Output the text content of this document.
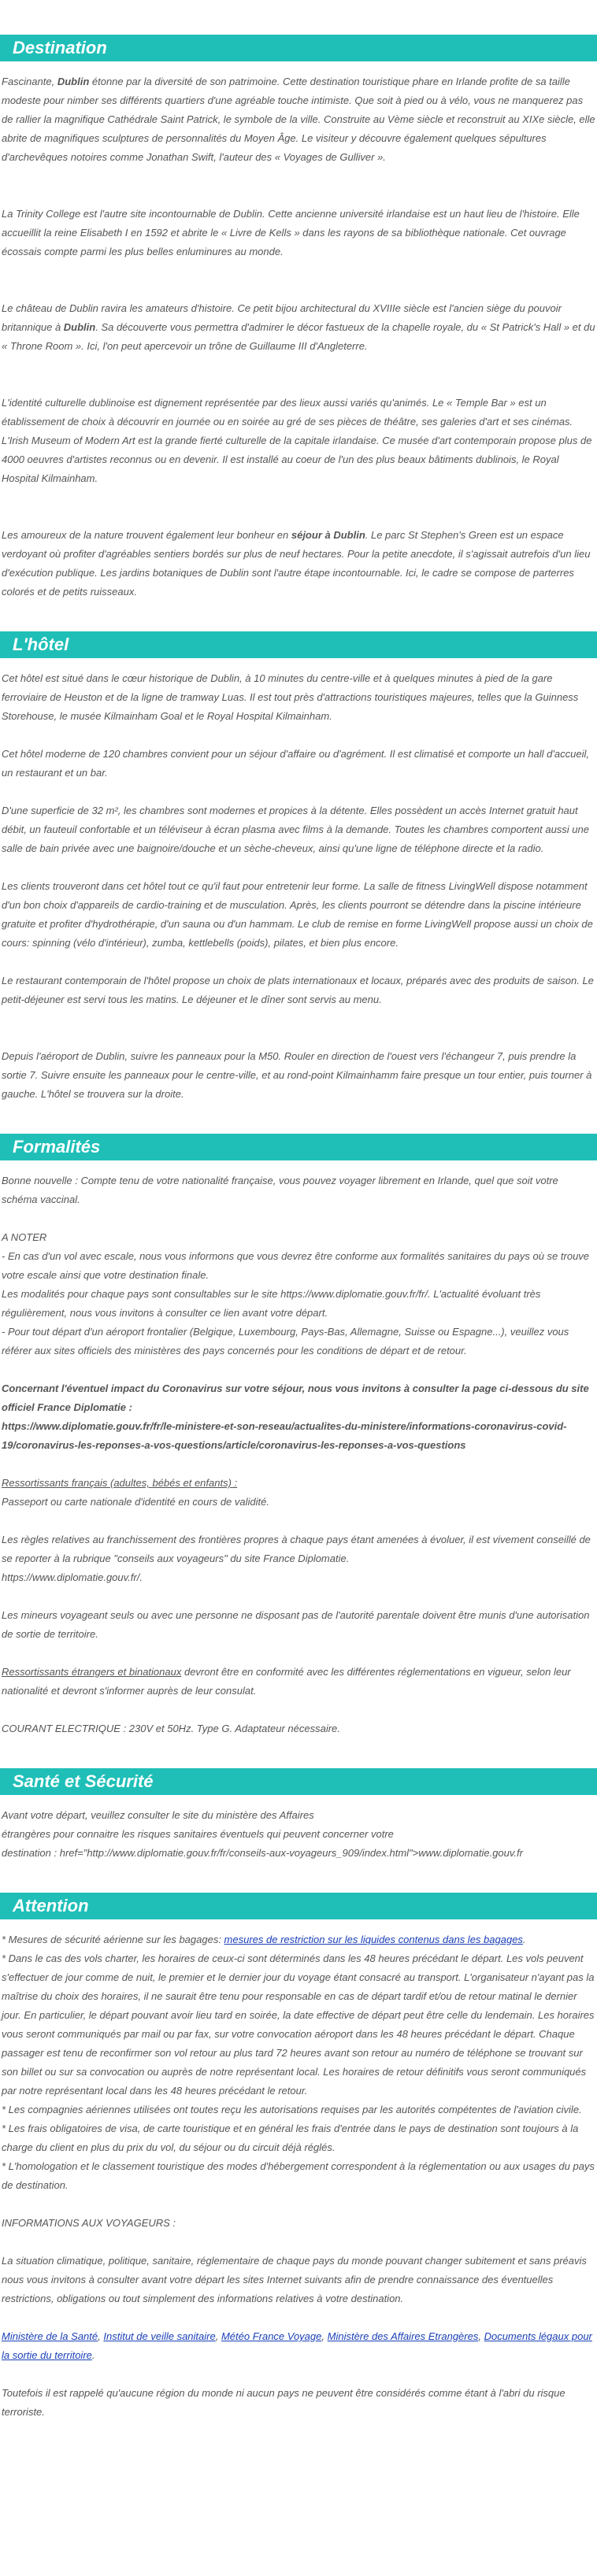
Destination

Fascinante, Dublin étonne par la diversité de son patrimoine. Cette destination touristique phare en Irlande profite de sa taille modeste pour nimber ses différents quartiers d'une agréable touche intimiste. Que soit à pied ou à vélo, vous ne manquerez pas de rallier la magnifique Cathédrale Saint Patrick, le symbole de la ville. Construite au Vème siècle et reconstruit au XIXe siècle, elle abrite de magnifiques sculptures de personnalités du Moyen Âge. Le visiteur y découvre également quelques sépultures d'archevêques notoires comme Jonathan Swift, l'auteur des « Voyages de Gulliver ».

La Trinity College est l'autre site incontournable de Dublin. Cette ancienne université irlandaise est un haut lieu de l'histoire. Elle accueillit la reine Elisabeth I en 1592 et abrite le « Livre de Kells » dans les rayons de sa bibliothèque nationale. Cet ouvrage écossais compte parmi les plus belles enluminures au monde.

Le château de Dublin ravira les amateurs d'histoire. Ce petit bijou architectural du XVIIIe siècle est l'ancien siège du pouvoir britannique à Dublin. Sa découverte vous permettra d'admirer le décor fastueux de la chapelle royale, du « St Patrick's Hall » et du « Throne Room ». Ici, l'on peut apercevoir un trône de Guillaume III d'Angleterre.

L'identité culturelle dublinoise est dignement représentée par des lieux aussi variés qu'animés. Le « Temple Bar » est un établissement de choix à découvrir en journée ou en soirée au gré de ses pièces de théâtre, ses galeries d'art et ses cinémas. L'Irish Museum of Modern Art est la grande fierté culturelle de la capitale irlandaise. Ce musée d'art contemporain propose plus de 4000 oeuvres d'artistes reconnus ou en devenir. Il est installé au coeur de l'un des plus beaux bâtiments dublinois, le Royal Hospital Kilmainham.

Les amoureux de la nature trouvent également leur bonheur en séjour à Dublin. Le parc St Stephen's Green est un espace verdoyant où profiter d'agréables sentiers bordés sur plus de neuf hectares. Pour la petite anecdote, il s'agissait autrefois d'un lieu d'exécution publique. Les jardins botaniques de Dublin sont l'autre étape incontournable. Ici, le cadre se compose de parterres colorés et de petits ruisseaux.

L'hôtel

Cet hôtel est situé dans le cœur historique de Dublin, à 10 minutes du centre-ville et à quelques minutes à pied de la gare ferroviaire de Heuston et de la ligne de tramway Luas. Il est tout près d'attractions touristiques majeures, telles que la Guinness Storehouse, le musée Kilmainham Goal et le Royal Hospital Kilmainham.

Cet hôtel moderne de 120 chambres convient pour un séjour d'affaire ou d'agrément. Il est climatisé et comporte un hall d'accueil, un restaurant et un bar.

D'une superficie de 32 m², les chambres sont modernes et propices à la détente. Elles possèdent un accès Internet gratuit haut débit, un fauteuil confortable et un téléviseur à écran plasma avec films à la demande. Toutes les chambres comportent aussi une salle de bain privée avec une baignoire/douche et un sèche-cheveux, ainsi qu'une ligne de téléphone directe et la radio.

Les clients trouveront dans cet hôtel tout ce qu'il faut pour entretenir leur forme. La salle de fitness LivingWell dispose notamment d'un bon choix d'appareils de cardio-training et de musculation. Après, les clients pourront se détendre dans la piscine intérieure gratuite et profiter d'hydrothérapie, d'un sauna ou d'un hammam. Le club de remise en forme LivingWell propose aussi un choix de cours: spinning (vélo d'intérieur), zumba, kettlebells (poids), pilates, et bien plus encore.

Le restaurant contemporain de l'hôtel propose un choix de plats internationaux et locaux, préparés avec des produits de saison. Le petit-déjeuner est servi tous les matins. Le déjeuner et le dîner sont servis au menu.

Depuis l'aéroport de Dublin, suivre les panneaux pour la M50. Rouler en direction de l'ouest vers l'échangeur 7, puis prendre la sortie 7. Suivre ensuite les panneaux pour le centre-ville, et au rond-point Kilmainhamm faire presque un tour entier, puis tourner à gauche. L'hôtel se trouvera sur la droite.

Formalités

Bonne nouvelle : Compte tenu de votre nationalité française, vous pouvez voyager librement en Irlande, quel que soit votre schéma vaccinal.

A NOTER

- En cas d'un vol avec escale, nous vous informons que vous devrez être conforme aux formalités sanitaires du pays où se trouve votre escale ainsi que votre destination finale.

Les modalités pour chaque pays sont consultables sur le site https://www.diplomatie.gouv.fr/fr/. L'actualité évoluant très régulièrement, nous vous invitons à consulter ce lien avant votre départ.

- Pour tout départ d'un aéroport frontalier (Belgique, Luxembourg, Pays-Bas, Allemagne, Suisse ou Espagne...), veuillez vous référer aux sites officiels des ministères des pays concernés pour les conditions de départ et de retour.

Concernant l'éventuel impact du Coronavirus sur votre séjour, nous vous invitons à consulter la page ci-dessous du site officiel France Diplomatie :

https://www.diplomatie.gouv.fr/fr/le-ministere-et-son-reseau/actualites-du-ministere/informations-coronavirus-covid-19/coronavirus-les-reponses-a-vos-questions/article/coronavirus-les-reponses-a-vos-questions

Ressortissants français (adultes, bébés et enfants) :

Passeport ou carte nationale d'identité en cours de validité.

Les règles relatives au franchissement des frontières propres à chaque pays étant amenées à évoluer, il est vivement conseillé de se reporter à la rubrique "conseils aux voyageurs" du site France Diplomatie.

https://www.diplomatie.gouv.fr/.

Les mineurs voyageant seuls ou avec une personne ne disposant pas de l'autorité parentale doivent être munis d'une autorisation de sortie de territoire.

Ressortissants étrangers et binationaux devront être en conformité avec les différentes réglementations en vigueur, selon leur nationalité et devront s'informer auprès de leur consulat.

COURANT ELECTRIQUE : 230V et 50Hz. Type G. Adaptateur nécessaire.

Santé et Sécurité

Avant votre départ, veuillez consulter le site du ministère des Affaires

étrangères pour connaitre les risques sanitaires éventuels qui peuvent concerner votre

destination : href="http://www.diplomatie.gouv.fr/fr/conseils-aux-voyageurs_909/index.html">www.diplomatie.gouv.fr

Attention

* Mesures de sécurité aérienne sur les bagages: mesures de restriction sur les liquides contenus dans les bagages.

* Dans le cas des vols charter, les horaires de ceux-ci sont déterminés dans les 48 heures précédant le départ. Les vols peuvent s'effectuer de jour comme de nuit, le premier et le dernier jour du voyage étant consacré au transport. L'organisateur n'ayant pas la maîtrise du choix des horaires, il ne saurait être tenu pour responsable en cas de départ tardif et/ou de retour matinal le dernier jour. En particulier, le départ pouvant avoir lieu tard en soirée, la date effective de départ peut être celle du lendemain. Les horaires vous seront communiqués par mail ou par fax, sur votre convocation aéroport dans les 48 heures précédant le départ. Chaque passager est tenu de reconfirmer son vol retour au plus tard 72 heures avant son retour au numéro de téléphone se trouvant sur son billet ou sur sa convocation ou auprès de notre représentant local. Les horaires de retour définitifs vous seront communiqués par notre représentant local dans les 48 heures précédant le retour.

* Les compagnies aériennes utilisées ont toutes reçu les autorisations requises par les autorités compétentes de l'aviation civile.

* Les frais obligatoires de visa, de carte touristique et en général les frais d'entrée dans le pays de destination sont toujours à la charge du client en plus du prix du vol, du séjour ou du circuit déjà réglés.

* L'homologation et le classement touristique des modes d'hébergement correspondent à la réglementation ou aux usages du pays de destination.

INFORMATIONS AUX VOYAGEURS :

La situation climatique, politique, sanitaire, réglementaire de chaque pays du monde pouvant changer subitement et sans préavis nous vous invitons à consulter avant votre départ les sites Internet suivants afin de prendre connaissance des éventuelles restrictions, obligations ou tout simplement des informations relatives à votre destination.

Ministère de la Santé, Institut de veille sanitaire, Météo France Voyage, Ministère des Affaires Etrangères, Documents légaux pour la sortie du territoire.

Toutefois il est rappelé qu'aucune région du monde ni aucun pays ne peuvent être considérés comme étant à l'abri du risque terroriste.
